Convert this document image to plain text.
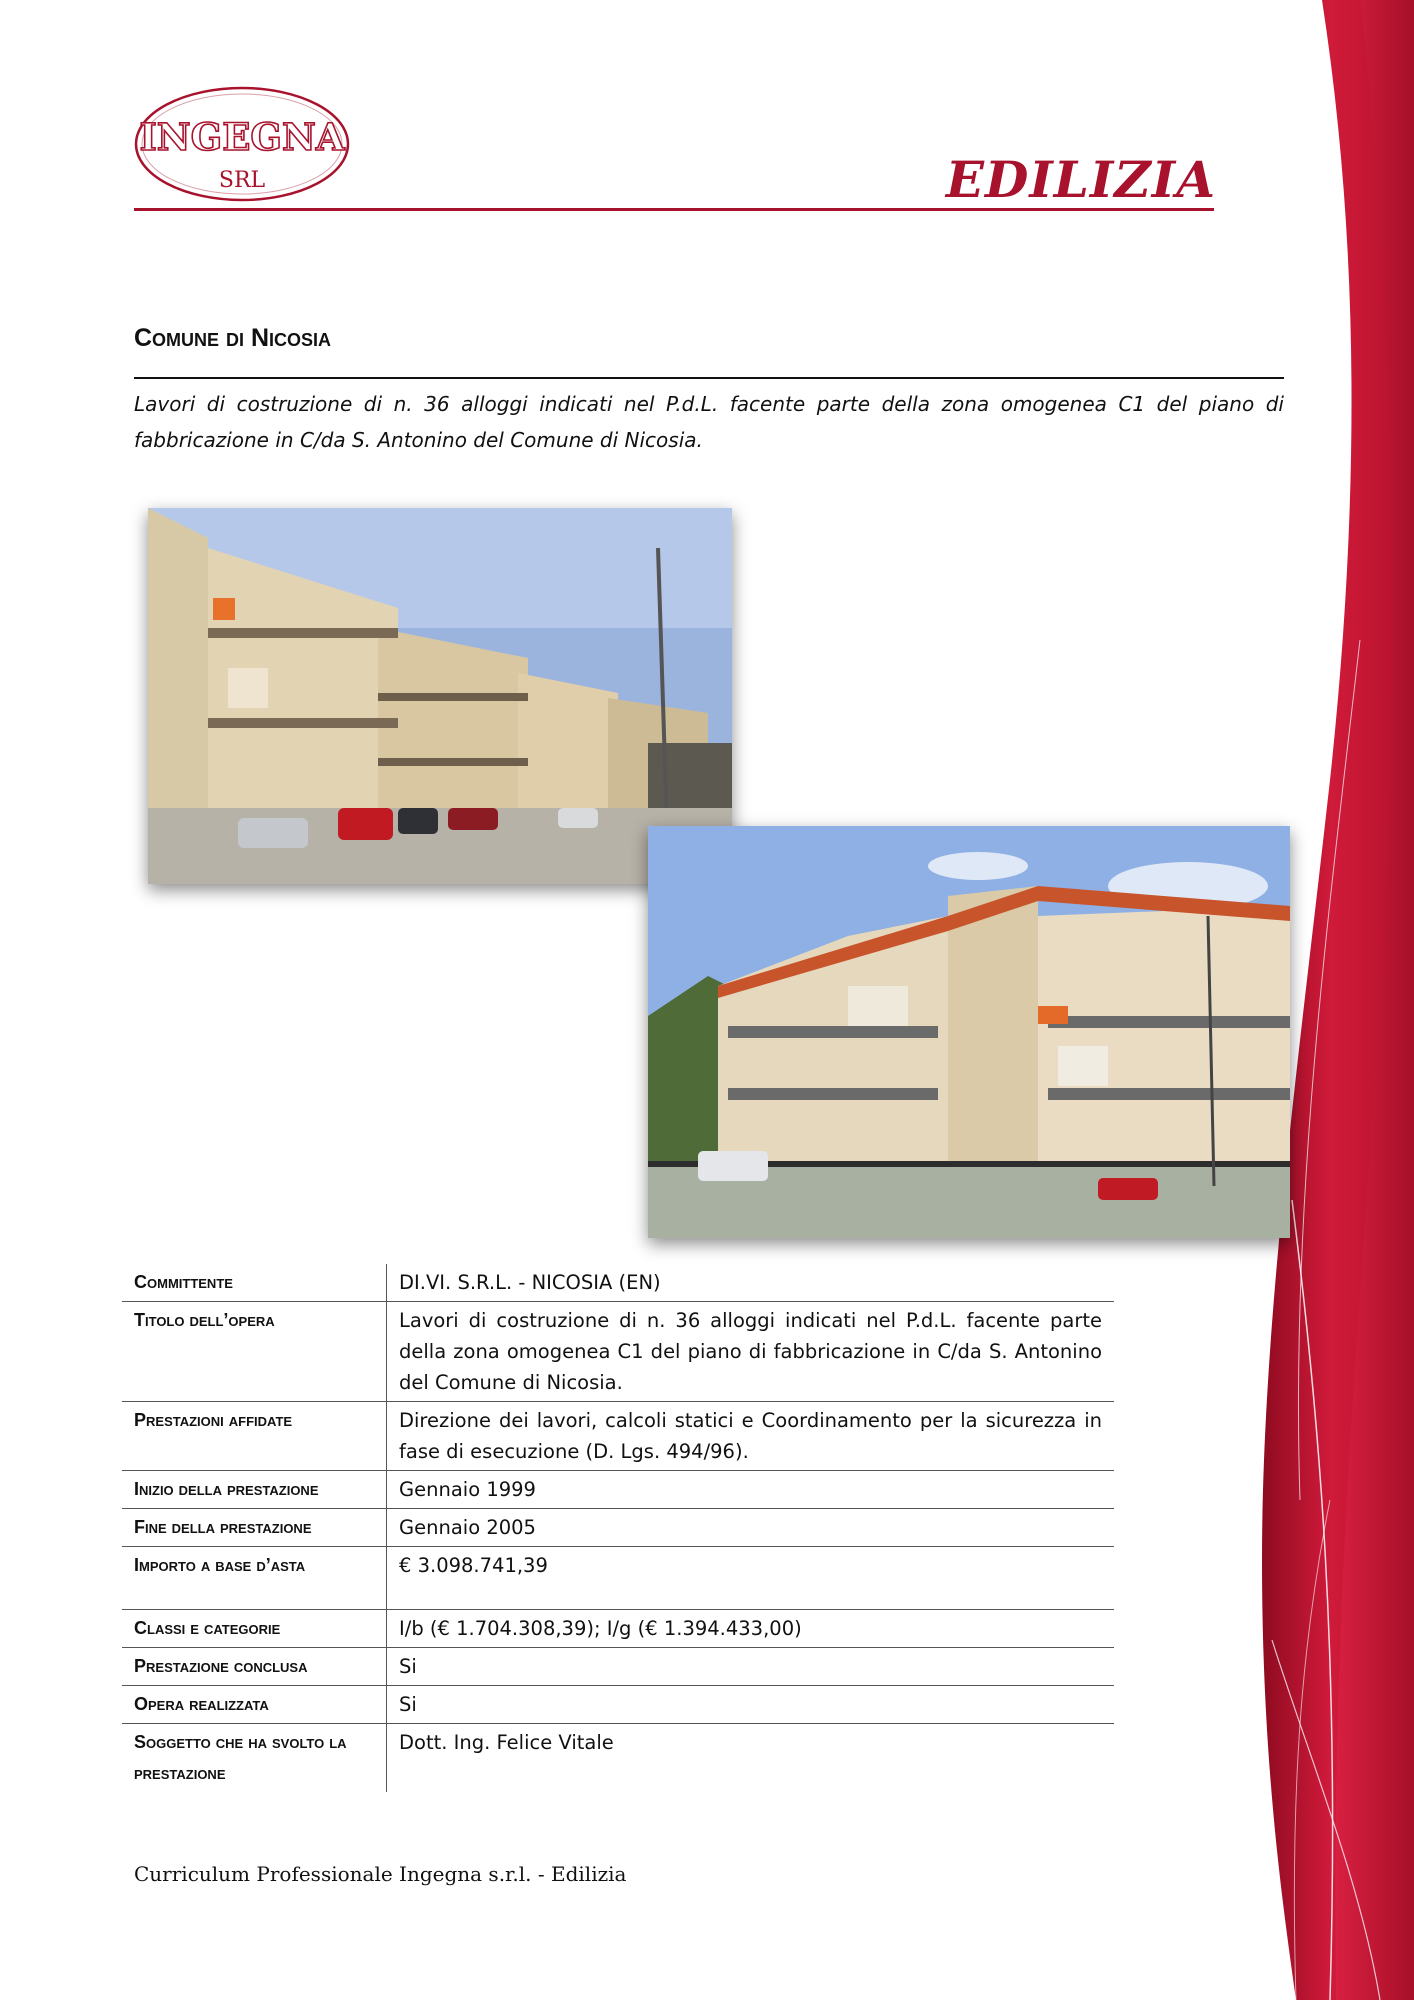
INGEGNA
SRL	EDILIZIA
Comune di Nicosia
Lavori di costruzione di n. 36 alloggi indicati nel P.d.L. facente parte della zona omogenea C1 del piano di fabbricazione in C/da S. Antonino del Comune di Nicosia.
Committente	DI.VI. S.R.L. - NICOSIA (EN)
Titolo dell’opera	Lavori di costruzione di n. 36 alloggi indicati nel P.d.L. facente parte della zona omogenea C1 del piano di fabbricazione in C/da S. Antonino del Comune di Nicosia.
Prestazioni affidate	Direzione dei lavori, calcoli statici e Coordinamento per la sicurezza in fase di esecuzione (D. Lgs. 494/96).
Inizio della prestazione	Gennaio 1999
Fine della prestazione	Gennaio 2005
Importo a base d’asta	€ 3.098.741,39
Classi e categorie	I/b (€ 1.704.308,39); I/g (€ 1.394.433,00)
Prestazione conclusa	Si
Opera realizzata	Si
Soggetto che ha svolto la prestazione	Dott. Ing. Felice Vitale
Curriculum Professionale Ingegna s.r.l. - Edilizia
